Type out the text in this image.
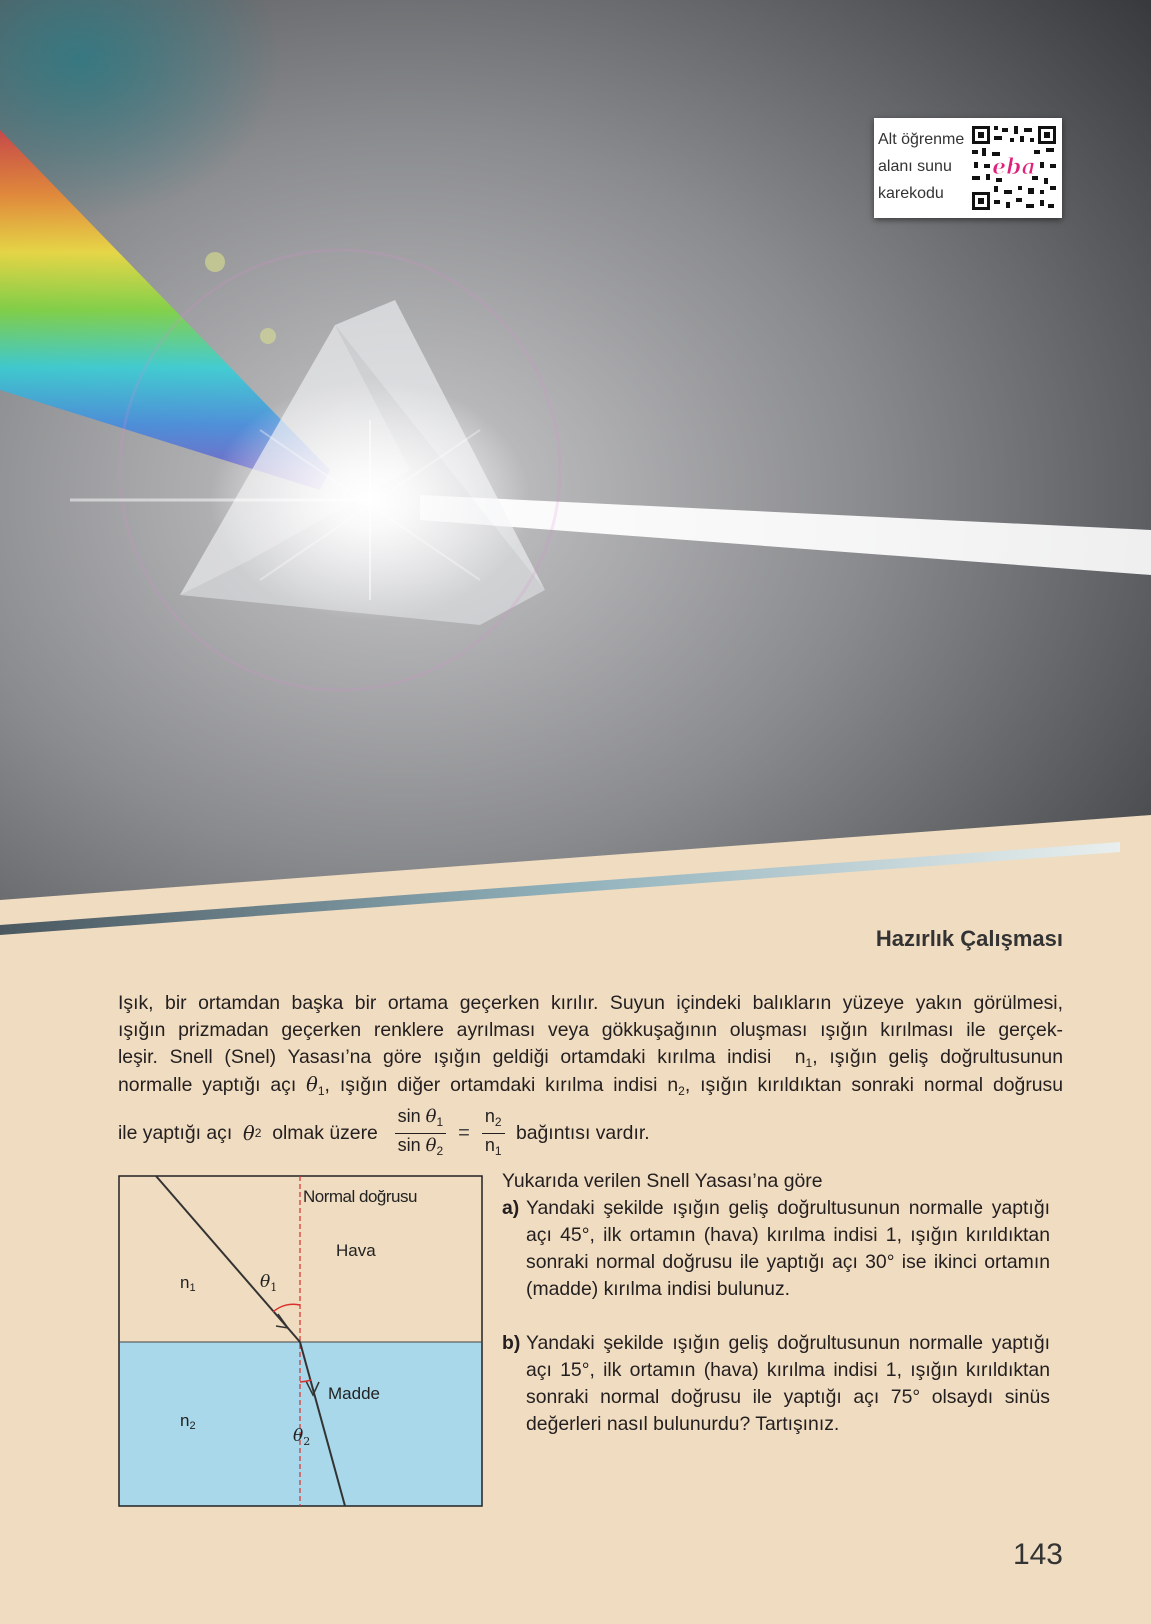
Alt öğrenme
alanı sunu
karekodu
eba
Hazırlık Çalışması
Işık, bir ortamdan başka bir ortama geçerken kırılır. Suyun içindeki balıkların yüzeye yakın görülmesi,
ışığın prizmadan geçerken renklere ayrılması veya gökkuşağının oluşması ışığın kırılması ile gerçek-
leşir. Snell (Snel) Yasası’na göre ışığın geldiği ortamdaki kırılma indisi $n_1$, ışığın geliş doğrultusunun
normalle yaptığı açı $\theta_1$, ışığın diğer ortamdaki kırılma indisi $n_2$, ışığın kırıldıktan sonraki normal doğrusu
ile yaptığı açı
θ 2
olmak üzere
$\frac{\sin \theta_1}{\sin \theta_2} = \frac{n_2}{n_1}$
bağıntısı vardır.
Normal doğrusu
Hava
Madde
n1
n2
$\theta_1$
$\theta_2$
Yukarıda verilen Snell Yasası’na göre
a) Yandaki şekilde ışığın geliş doğrultusunun normalle yaptığı açı 45°, ilk ortamın (hava) kırılma indisi 1, ışığın kırıldıktan sonraki normal doğrusu ile yaptığı açı 30° ise ikinci ortamın (madde) kırılma indisi bulunuz.
b) Yandaki şekilde ışığın geliş doğrultusunun normalle yaptığı açı 15°, ilk ortamın (hava) kırılma indisi 1, ışığın kırıldıktan sonraki normal doğrusu ile yaptığı açı 75° olsaydı sinüs değerleri nasıl bulunurdu? Tartışınız.
143
